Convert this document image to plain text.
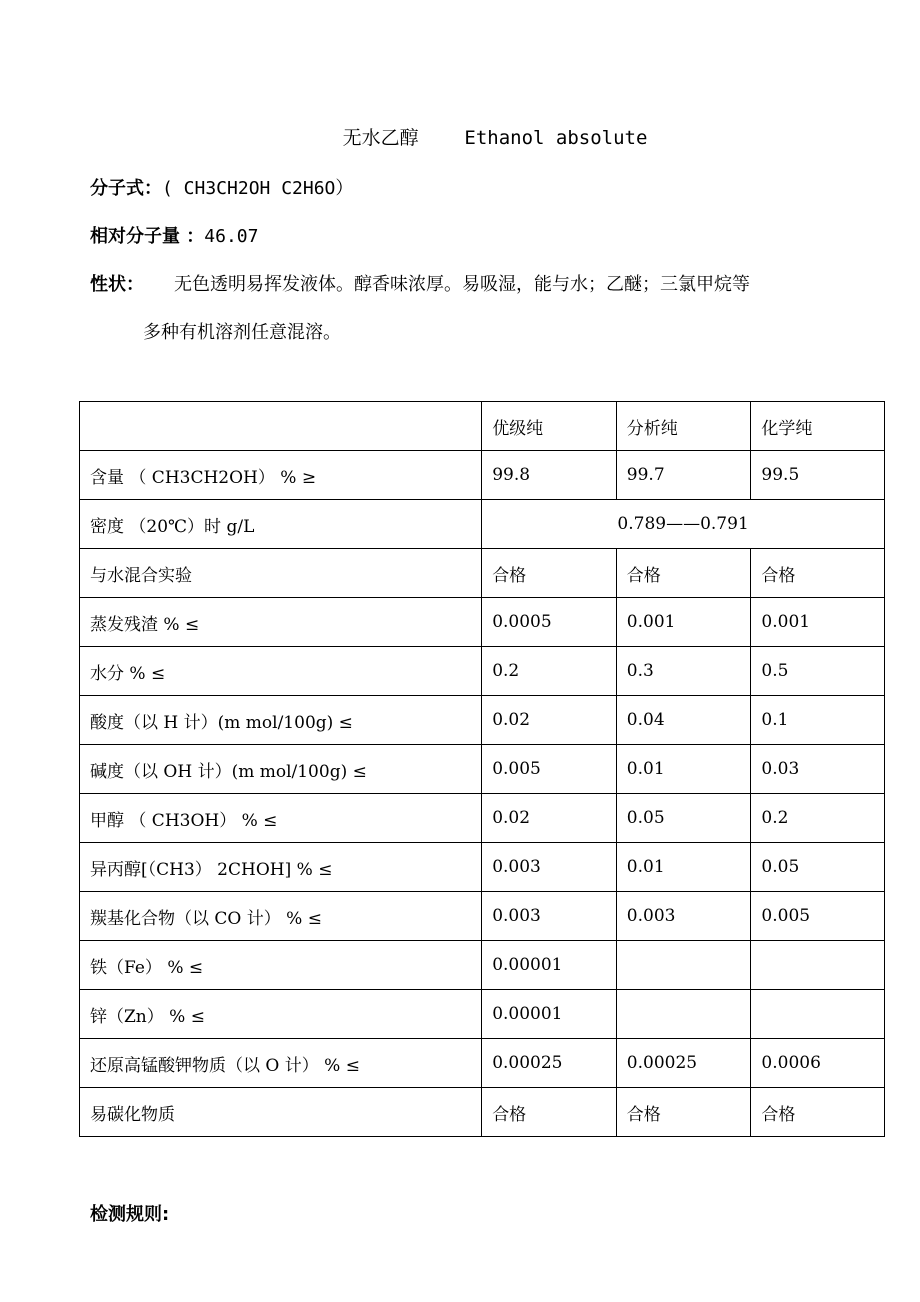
无水乙醇 Ethanol absolute
分子式：( CH3CH2OH C2H6O）
相对分子量 ：46.07
性状： 无色透明易挥发液体。醇香味浓厚。易吸湿，能与水；乙醚；三氯甲烷等
多种有机溶剂任意混溶。
	优级纯	分析纯	化学纯
含量 （ CH3CH2OH） % ≥	99.8	99.7	99.5
密度 （20℃）时 g/L	0.789——0.791		
与水混合实验	合格	合格	合格
蒸发残渣 % ≤	0.0005	0.001	0.001
水分 % ≤	0.2	0.3	0.5
酸度（以 H 计）(m mol/100g) ≤	0.02	0.04	0.1
碱度（以 OH 计）(m mol/100g) ≤	0.005	0.01	0.03
甲醇 （ CH3OH） % ≤	0.02	0.05	0.2
异丙醇[（CH3） 2CHOH] % ≤	0.003	0.01	0.05
羰基化合物（以 CO 计） % ≤	0.003	0.003	0.005
铁（Fe） % ≤	0.00001		
锌（Zn） % ≤	0.00001		
还原高锰酸钾物质（以 O 计） % ≤	0.00025	0.00025	0.0006
易碳化物质	合格	合格	合格
检测规则:
